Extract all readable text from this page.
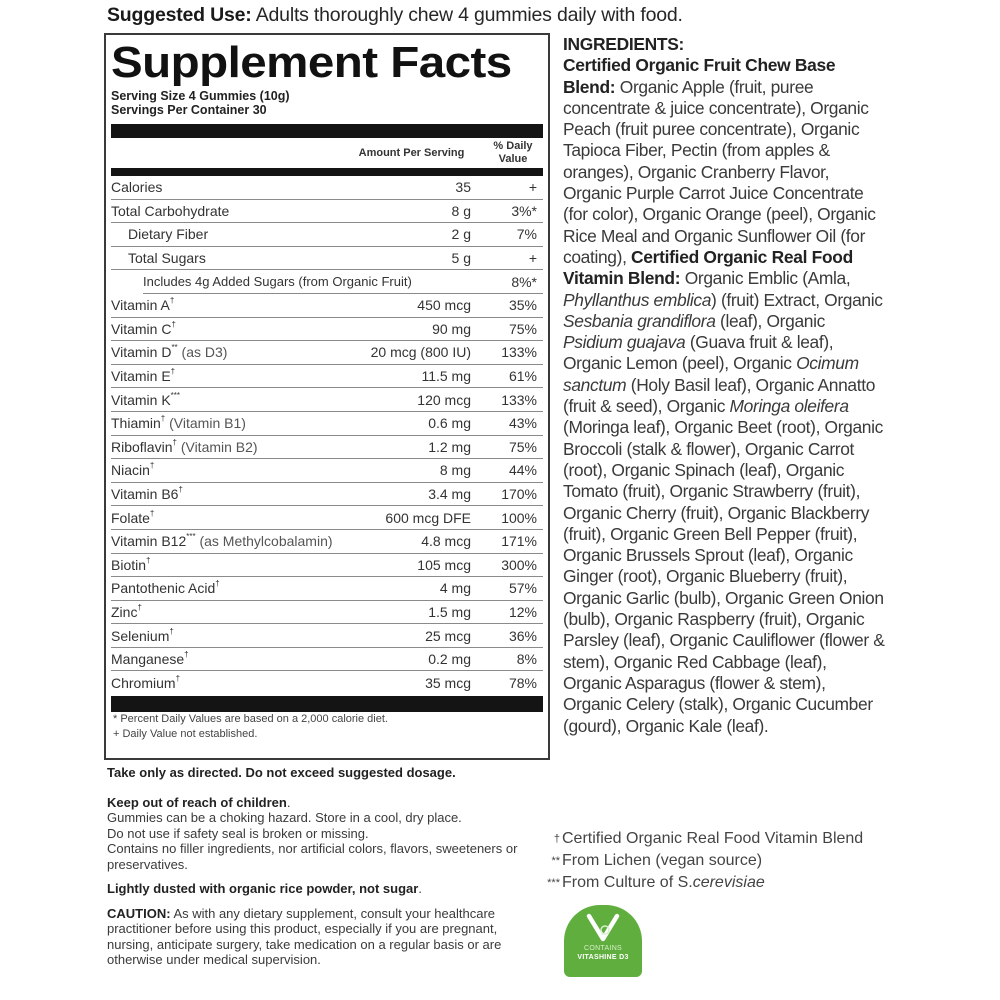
Suggested Use: Adults thoroughly chew 4 gummies daily with food.
Supplement Facts
Serving Size 4 Gummies (10g)
Servings Per Container 30
Amount Per Serving
% Daily Value
Calories	35	+
Total Carbohydrate	8 g	3%*
Dietary Fiber	2 g	7%
Total Sugars	5 g	+
Includes 4g Added Sugars (from Organic Fruit)	8%*
Vitamin A†	450 mcg	35%
Vitamin C†	90 mg	75%
Vitamin D** (as D3)	20 mcg (800 IU)	133%
Vitamin E†	11.5 mg	61%
Vitamin K***	120 mcg	133%
Thiamin† (Vitamin B1)	0.6 mg	43%
Riboflavin† (Vitamin B2)	1.2 mg	75%
Niacin†	8 mg	44%
Vitamin B6†	3.4 mg	170%
Folate†	600 mcg DFE	100%
Vitamin B12*** (as Methylcobalamin)	4.8 mcg	171%
Biotin†	105 mcg	300%
Pantothenic Acid†	4 mg	57%
Zinc†	1.5 mg	12%
Selenium†	25 mcg	36%
Manganese†	0.2 mg	8%
Chromium†	35 mcg	78%
* Percent Daily Values are based on a 2,000 calorie diet.
+ Daily Value not established.

Take only as directed. Do not exceed suggested dosage.

Keep out of reach of children.
Gummies can be a choking hazard. Store in a cool, dry place.
Do not use if safety seal is broken or missing.
Contains no filler ingredients, nor artificial colors, flavors, sweeteners or preservatives.

Lightly dusted with organic rice powder, not sugar.

CAUTION: As with any dietary supplement, consult your healthcare practitioner before using this product, especially if you are pregnant, nursing, anticipate surgery, take medication on a regular basis or are otherwise under medical supervision.

INGREDIENTS:
Certified Organic Fruit Chew Base Blend: Organic Apple (fruit, puree concentrate & juice concentrate), Organic Peach (fruit puree concentrate), Organic Tapioca Fiber, Pectin (from apples & oranges), Organic Cranberry Flavor, Organic Purple Carrot Juice Concentrate (for color), Organic Orange (peel), Organic Rice Meal and Organic Sunflower Oil (for coating), Certified Organic Real Food Vitamin Blend: Organic Emblic (Amla, Phyllanthus emblica) (fruit) Extract, Organic Sesbania grandiflora (leaf), Organic Psidium guajava (Guava fruit & leaf), Organic Lemon (peel), Organic Ocimum sanctum (Holy Basil leaf), Organic Annatto (fruit & seed), Organic Moringa oleifera (Moringa leaf), Organic Beet (root), Organic Broccoli (stalk & flower), Organic Carrot (root), Organic Spinach (leaf), Organic Tomato (fruit), Organic Strawberry (fruit), Organic Cherry (fruit), Organic Blackberry (fruit), Organic Green Bell Pepper (fruit), Organic Brussels Sprout (leaf), Organic Ginger (root), Organic Blueberry (fruit), Organic Garlic (bulb), Organic Green Onion (bulb), Organic Raspberry (fruit), Organic Parsley (leaf), Organic Cauliflower (flower & stem), Organic Red Cabbage (leaf), Organic Asparagus (flower & stem), Organic Celery (stalk), Organic Cucumber (gourd), Organic Kale (leaf).
† Certified Organic Real Food Vitamin Blend
** From Lichen (vegan source)
*** From Culture of S. cerevisiae
CONTAINS
VITASHINE D3
